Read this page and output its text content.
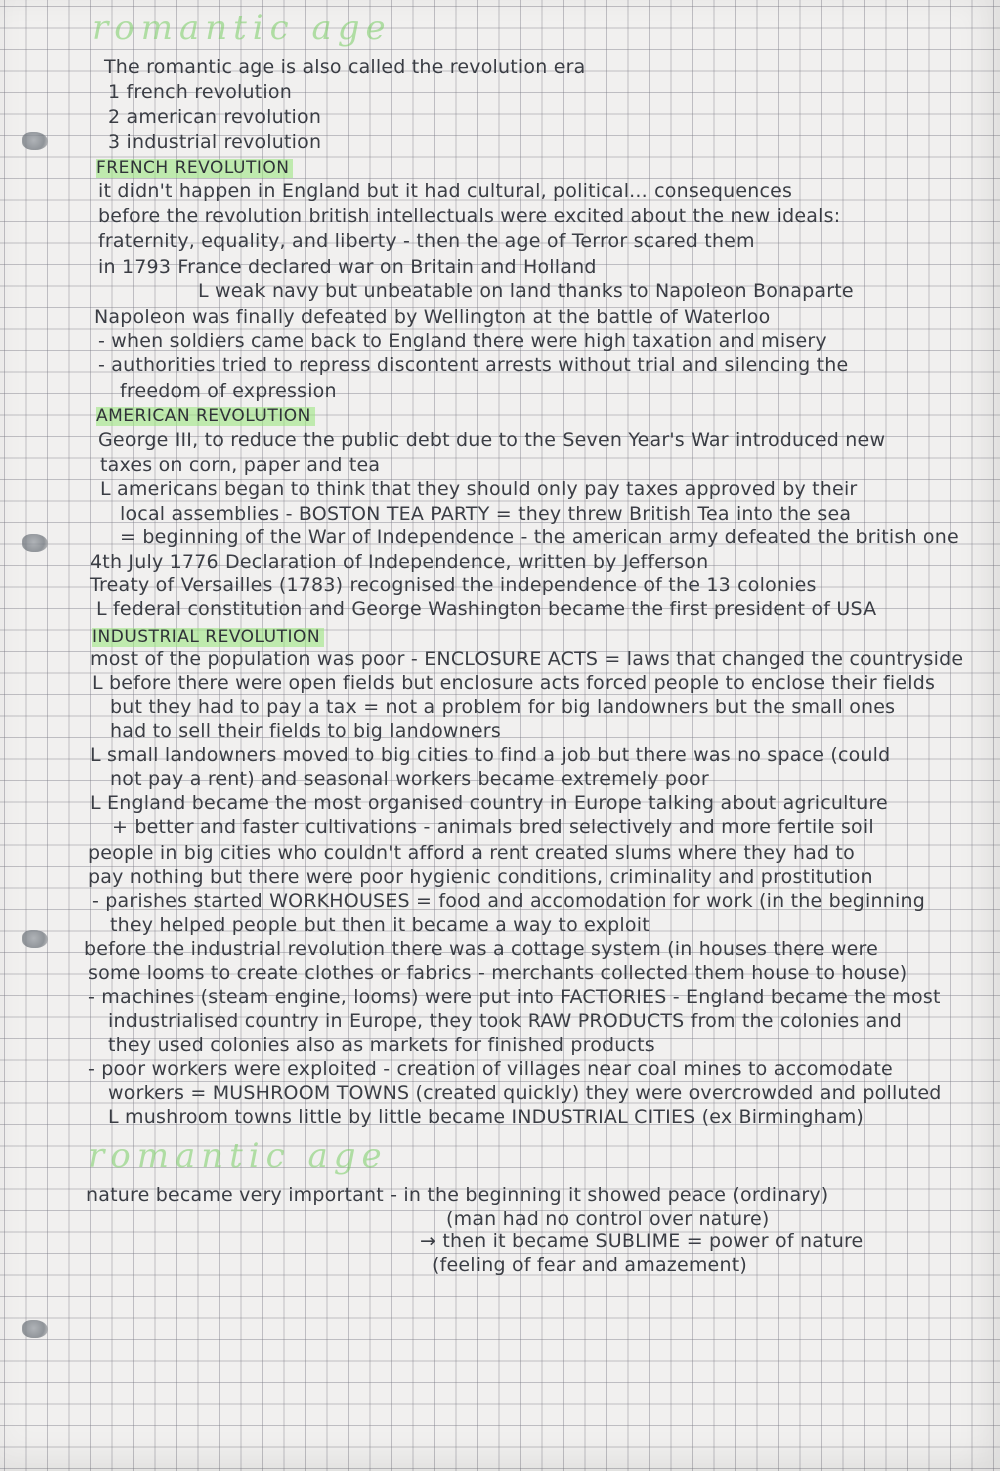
romantic age
The romantic age is also called the revolution era
1 french revolution
2 american revolution
3 industrial revolution
FRENCH REVOLUTION
it didn't happen in England but it had cultural, political... consequences
before the revolution british intellectuals were excited about the new ideals:
fraternity, equality, and liberty - then the age of Terror scared them
in 1793 France declared war on Britain and Holland
L weak navy but unbeatable on land thanks to Napoleon Bonaparte
Napoleon was finally defeated by Wellington at the battle of Waterloo
- when soldiers came back to England there were high taxation and misery
- authorities tried to repress discontent arrests without trial and silencing the
freedom of expression
AMERICAN REVOLUTION
George III, to reduce the public debt due to the Seven Year's War introduced new
taxes on corn, paper and tea
L americans began to think that they should only pay taxes approved by their
local assemblies - BOSTON TEA PARTY = they threw British Tea into the sea
= beginning of the War of Independence - the american army defeated the british one
4th July 1776 Declaration of Independence, written by Jefferson
Treaty of Versailles (1783) recognised the independence of the 13 colonies
L federal constitution and George Washington became the first president of USA
INDUSTRIAL REVOLUTION
most of the population was poor - ENCLOSURE ACTS = laws that changed the countryside
L before there were open fields but enclosure acts forced people to enclose their fields
but they had to pay a tax = not a problem for big landowners but the small ones
had to sell their fields to big landowners
L small landowners moved to big cities to find a job but there was no space (could
not pay a rent) and seasonal workers became extremely poor
L England became the most organised country in Europe talking about agriculture
+ better and faster cultivations - animals bred selectively and more fertile soil
people in big cities who couldn't afford a rent created slums where they had to
pay nothing but there were poor hygienic conditions, criminality and prostitution
- parishes started WORKHOUSES = food and accomodation for work (in the beginning
they helped people but then it became a way to exploit
before the industrial revolution there was a cottage system (in houses there were
some looms to create clothes or fabrics - merchants collected them house to house)
- machines (steam engine, looms) were put into FACTORIES - England became the most
industrialised country in Europe, they took RAW PRODUCTS from the colonies and
they used colonies also as markets for finished products
- poor workers were exploited - creation of villages near coal mines to accomodate
workers = MUSHROOM TOWNS (created quickly) they were overcrowded and polluted
L mushroom towns little by little became INDUSTRIAL CITIES (ex Birmingham)
romantic age
nature became very important - in the beginning it showed peace (ordinary)
(man had no control over nature)
→ then it became SUBLIME = power of nature
(feeling of fear and amazement)
